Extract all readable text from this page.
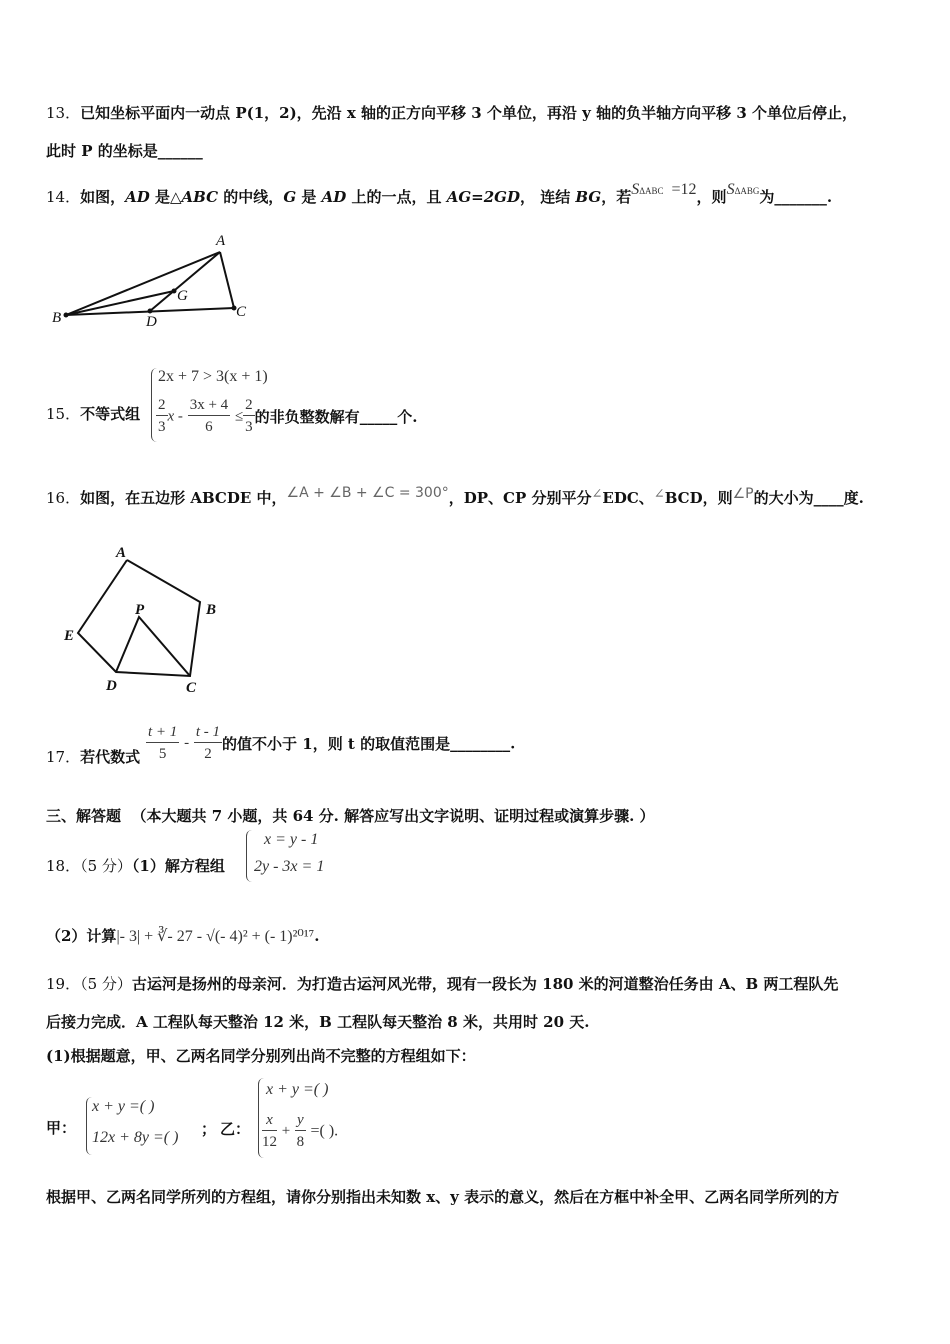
13．已知坐标平面内一动点 P(1，2)，先沿 x 轴的正方向平移 3 个单位，再沿 y 轴的负半轴方向平移 3 个单位后停止，
此时 P 的坐标是______
14．如图，AD 是△ABC 的中线，G 是 AD 上的一点，且 AG=2GD， 连结 BG，若SΔABC =12，则SΔABG为_______.
A
B	C
D
G
2x + 7 > 3(x + 1)
15．不等式组 $\frac{2}{3}$ $x - \frac{3x + 4}{6} \le \frac{2}{3}$ 的非负整数解有_____个.
16．如图，在五边形 ABCDE 中，∠A + ∠B + ∠C = 300°，DP、CP 分别平分∠EDC、∠BCD，则∠P的大小为____度.
A
B
C
D
E
P
17．若代数式 $\frac{t + 1}{5} - \frac{t - 1}{2}$ 的值不小于 1，则 t 的取值范围是________.
三、解答题 （本大题共 7 小题，共 64 分. 解答应写出文字说明、证明过程或演算步骤. ）
x = y - 1
2y - 3x = 1
18．（5 分）（1）解方程组
（2）计算|- 3| + ∛- 27 - √(- 4)² + (- 1)²⁰¹⁷.
19．（5 分）古运河是扬州的母亲河．为打造古运河风光带，现有一段长为 180 米的河道整治任务由 A、B 两工程队先
后接力完成．A 工程队每天整治 12 米，B 工程队每天整治 8 米，共用时 20 天.
(1)根据题意，甲、乙两名同学分别列出尚不完整的方程组如下：
甲：
x + y =( )
12x + 8y =( ) ； 乙：
x + y =( )
$\frac{x}{12} + \frac{y}{8}$ =( ).
根据甲、乙两名同学所列的方程组，请你分别指出未知数 x、y 表示的意义，然后在方框中补全甲、乙两名同学所列的方
